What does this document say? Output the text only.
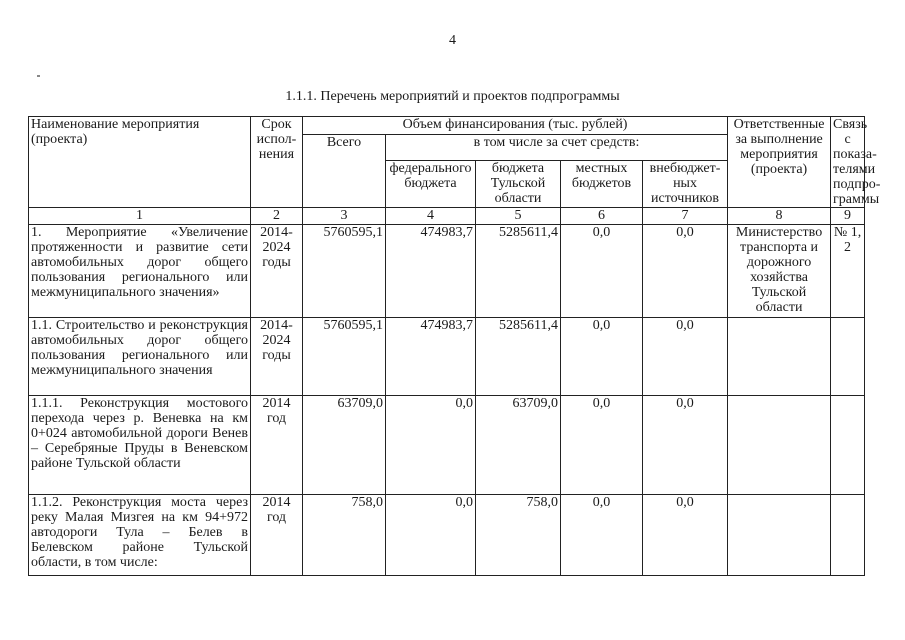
4
1.1.1. Перечень мероприятий и проектов подпрограммы
Наименование мероприятия (проекта)	Срок испол-нения	Объем финансирования (тыс. рублей)					Ответственные за выполнение мероприятия (проекта)	Связь с показа-телями подпро-граммы
		Всего	в том числе за счет средств:					
			федерального бюджета	бюджета Тульской области	местных бюджетов	внебюджет-ных источников		
1	2	3	4	5	6	7	8	9
1. Мероприятие «Увеличение протяженности и развитие сети автомобильных дорог общего пользования регионального или межмуниципального значения»	2014-2024 годы	5760595,1	474983,7	5285611,4	0,0	0,0	Министерство транспорта и дорожного хозяйства Тульской области	№ 1, 2
1.1. Строительство и реконструкция автомобильных дорог общего пользования регионального или межмуниципального значения	2014-2024 годы	5760595,1	474983,7	5285611,4	0,0	0,0		
1.1.1. Реконструкция мостового перехода через р. Веневка на км 0+024 автомобильной дороги Венев – Серебряные Пруды в Веневском районе Тульской области	2014 год	63709,0	0,0	63709,0	0,0	0,0		
1.1.2. Реконструкция моста через реку Малая Мизгея на км 94+972 автодороги Тула – Белев в Белевском районе Тульской области, в том числе:	2014 год	758,0	0,0	758,0	0,0	0,0		
